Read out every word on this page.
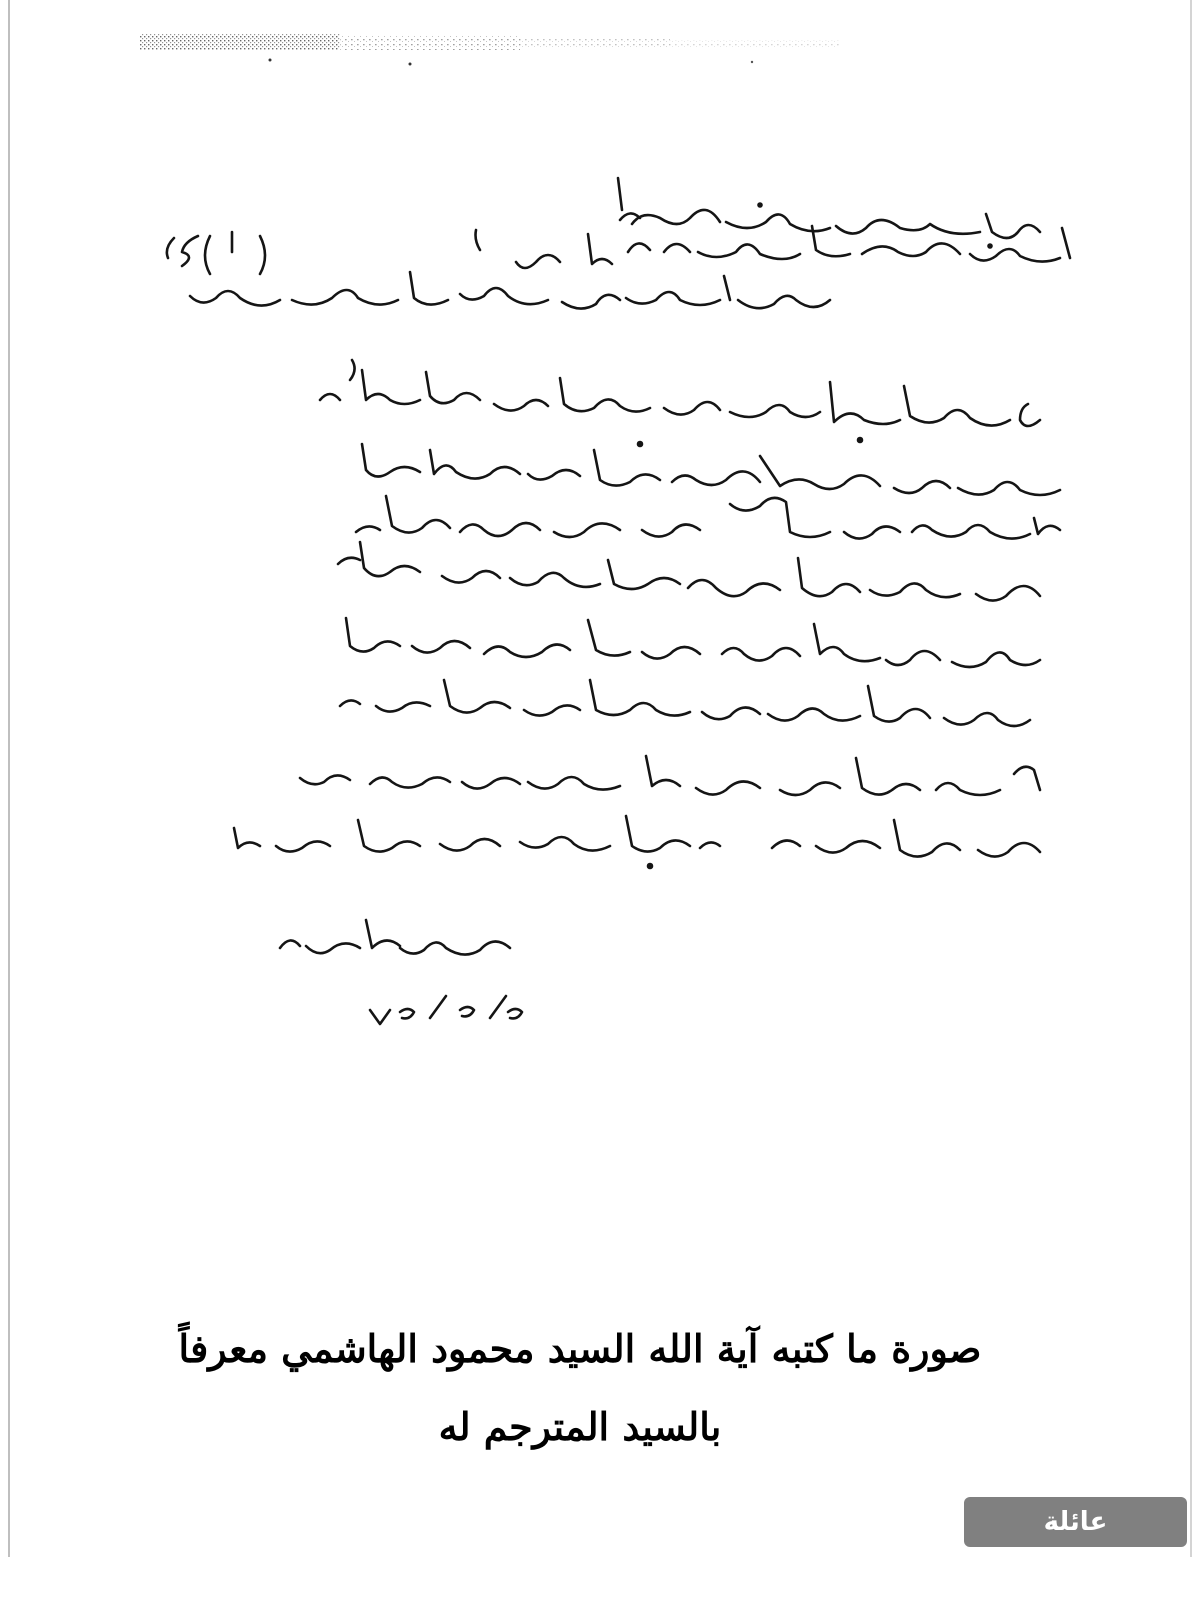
صورة ما كتبه آية الله السيد محمود الهاشمي معرفاً
بالسيد المترجم له
عائلة العبدالمحسن
